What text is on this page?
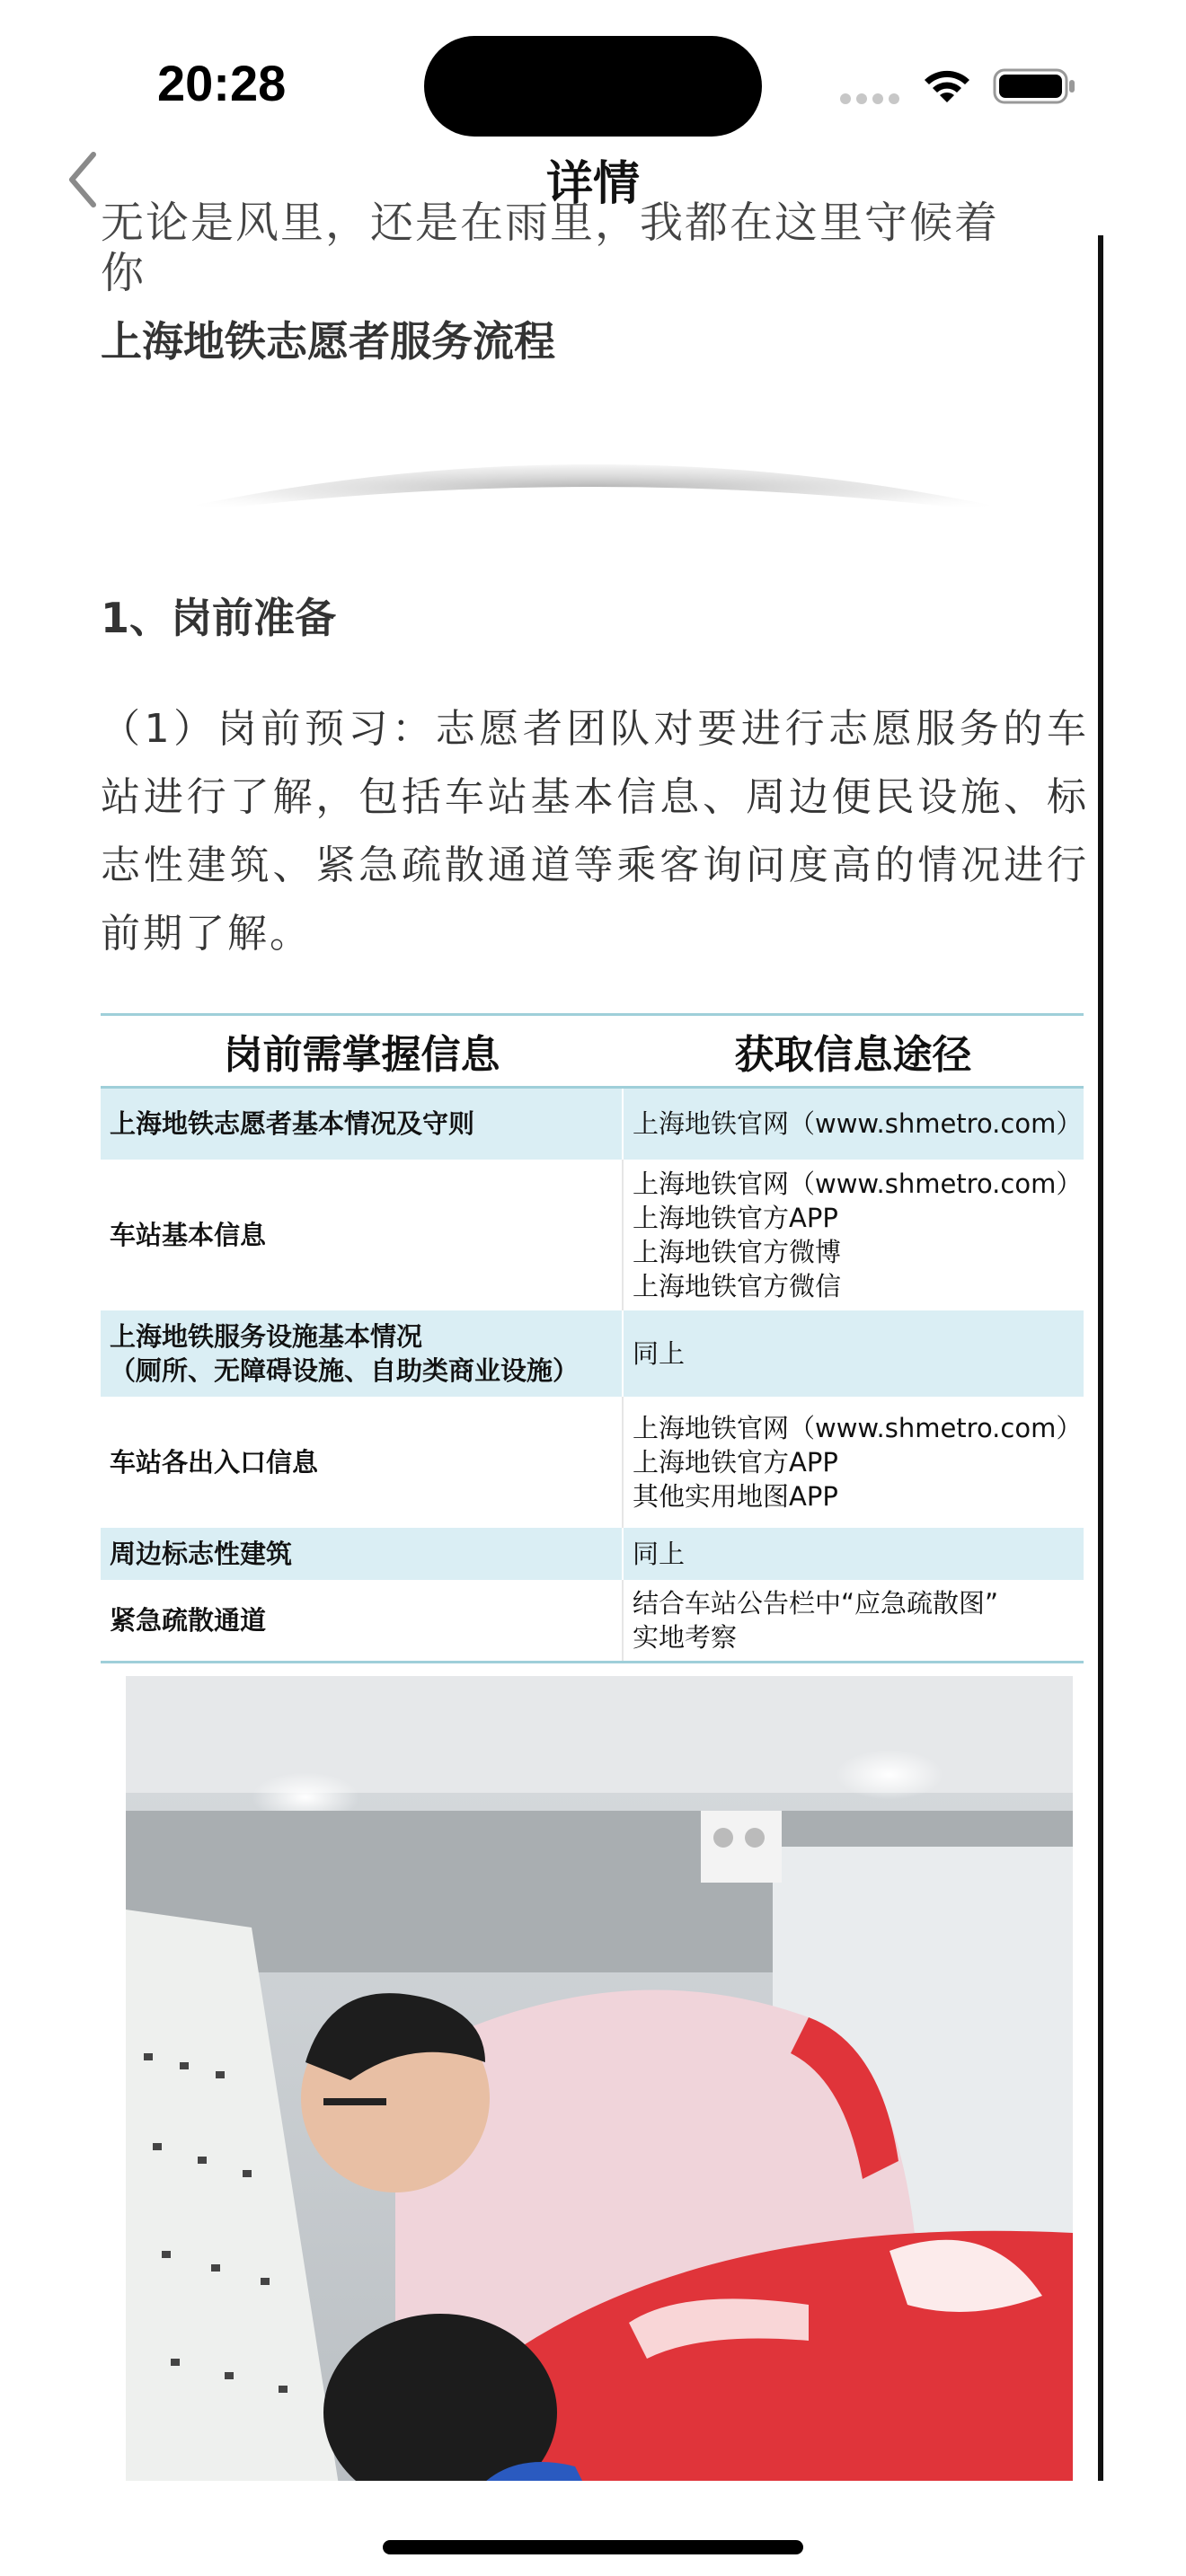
20:28
详情
无论是风里，还是在雨里，我都在这里守候着你
上海地铁志愿者服务流程
1、岗前准备
（1）岗前预习：志愿者团队对要进行志愿服务的车站进行了解，包括车站基本信息、周边便民设施、标志性建筑、紧急疏散通道等乘客询问度高的情况进行前期了解。
岗前需掌握信息	获取信息途径
上海地铁志愿者基本情况及守则	上海地铁官网（www.shmetro.com）

车站基本信息	上海地铁官网（www.shmetro.com）
上海地铁官方APP
上海地铁官方微博
上海地铁官方微信

上海地铁服务设施基本情况
（厕所、无障碍设施、自助类商业设施）	同上

车站各出入口信息	上海地铁官网（www.shmetro.com）
上海地铁官方APP
其他实用地图APP

周边标志性建筑	同上

紧急疏散通道	结合车站公告栏中“应急疏散图”
实地考察
